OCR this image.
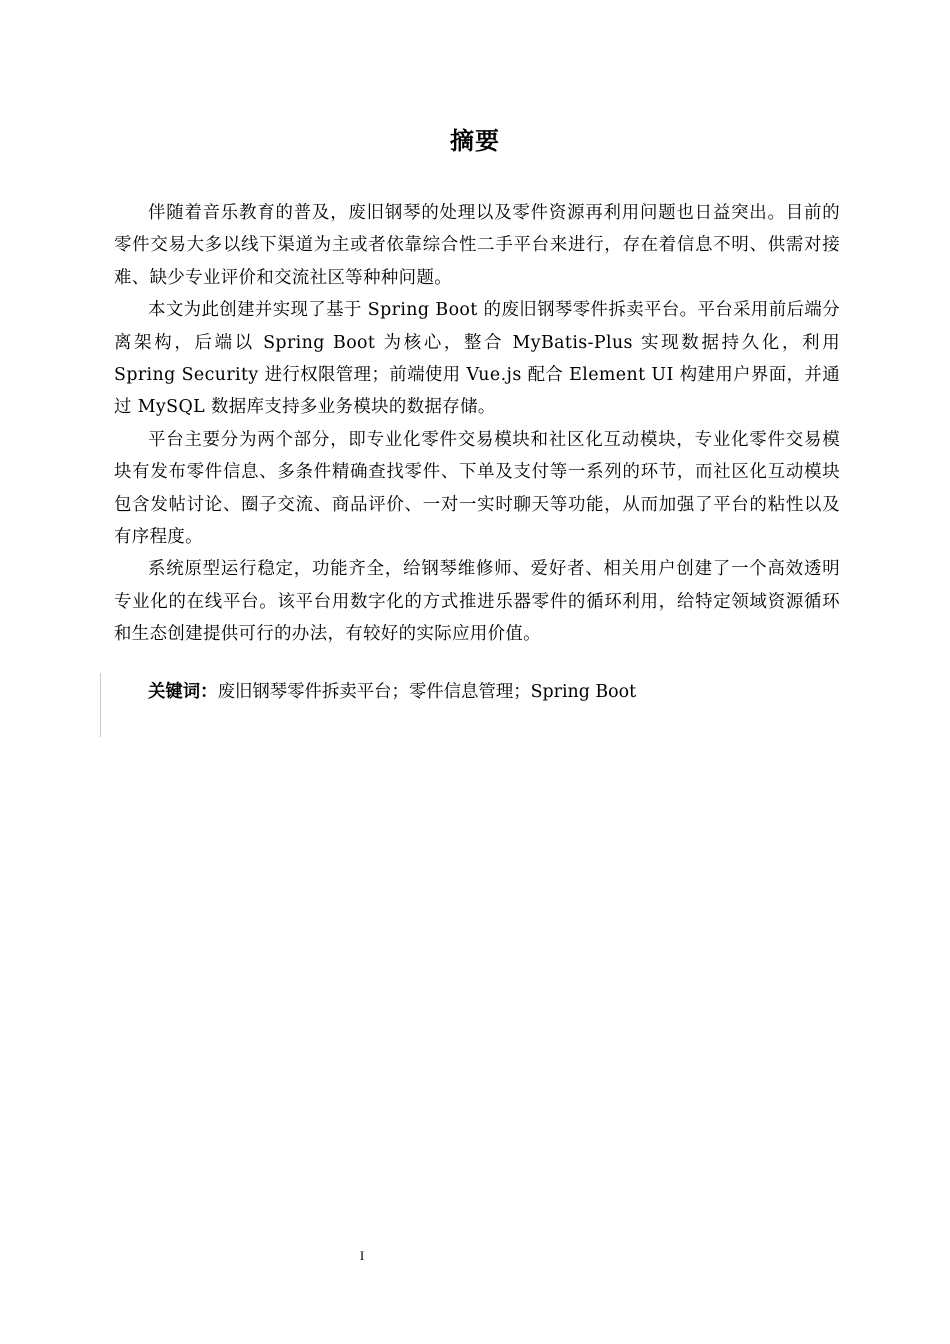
摘要

伴随着音乐教育的普及，废旧钢琴的处理以及零件资源再利用问题也日益突出。目前的零件交易大多以线下渠道为主或者依靠综合性二手平台来进行，存在着信息不明、供需对接难、缺少专业评价和交流社区等种种问题。

本文为此创建并实现了基于 Spring Boot 的废旧钢琴零件拆卖平台。平台采用前后端分离架构，后端以 Spring Boot 为核心，整合 MyBatis-Plus 实现数据持久化，利用 Spring Security 进行权限管理；前端使用 Vue.js 配合 Element UI 构建用户界面，并通过 MySQL 数据库支持多业务模块的数据存储。

平台主要分为两个部分，即专业化零件交易模块和社区化互动模块，专业化零件交易模块有发布零件信息、多条件精确查找零件、下单及支付等一系列的环节，而社区化互动模块包含发帖讨论、圈子交流、商品评价、一对一实时聊天等功能，从而加强了平台的粘性以及有序程度。

系统原型运行稳定，功能齐全，给钢琴维修师、爱好者、相关用户创建了一个高效透明专业化的在线平台。该平台用数字化的方式推进乐器零件的循环利用，给特定领域资源循环和生态创建提供可行的办法，有较好的实际应用价值。

关键词：废旧钢琴零件拆卖平台；零件信息管理；Spring Boot
I
